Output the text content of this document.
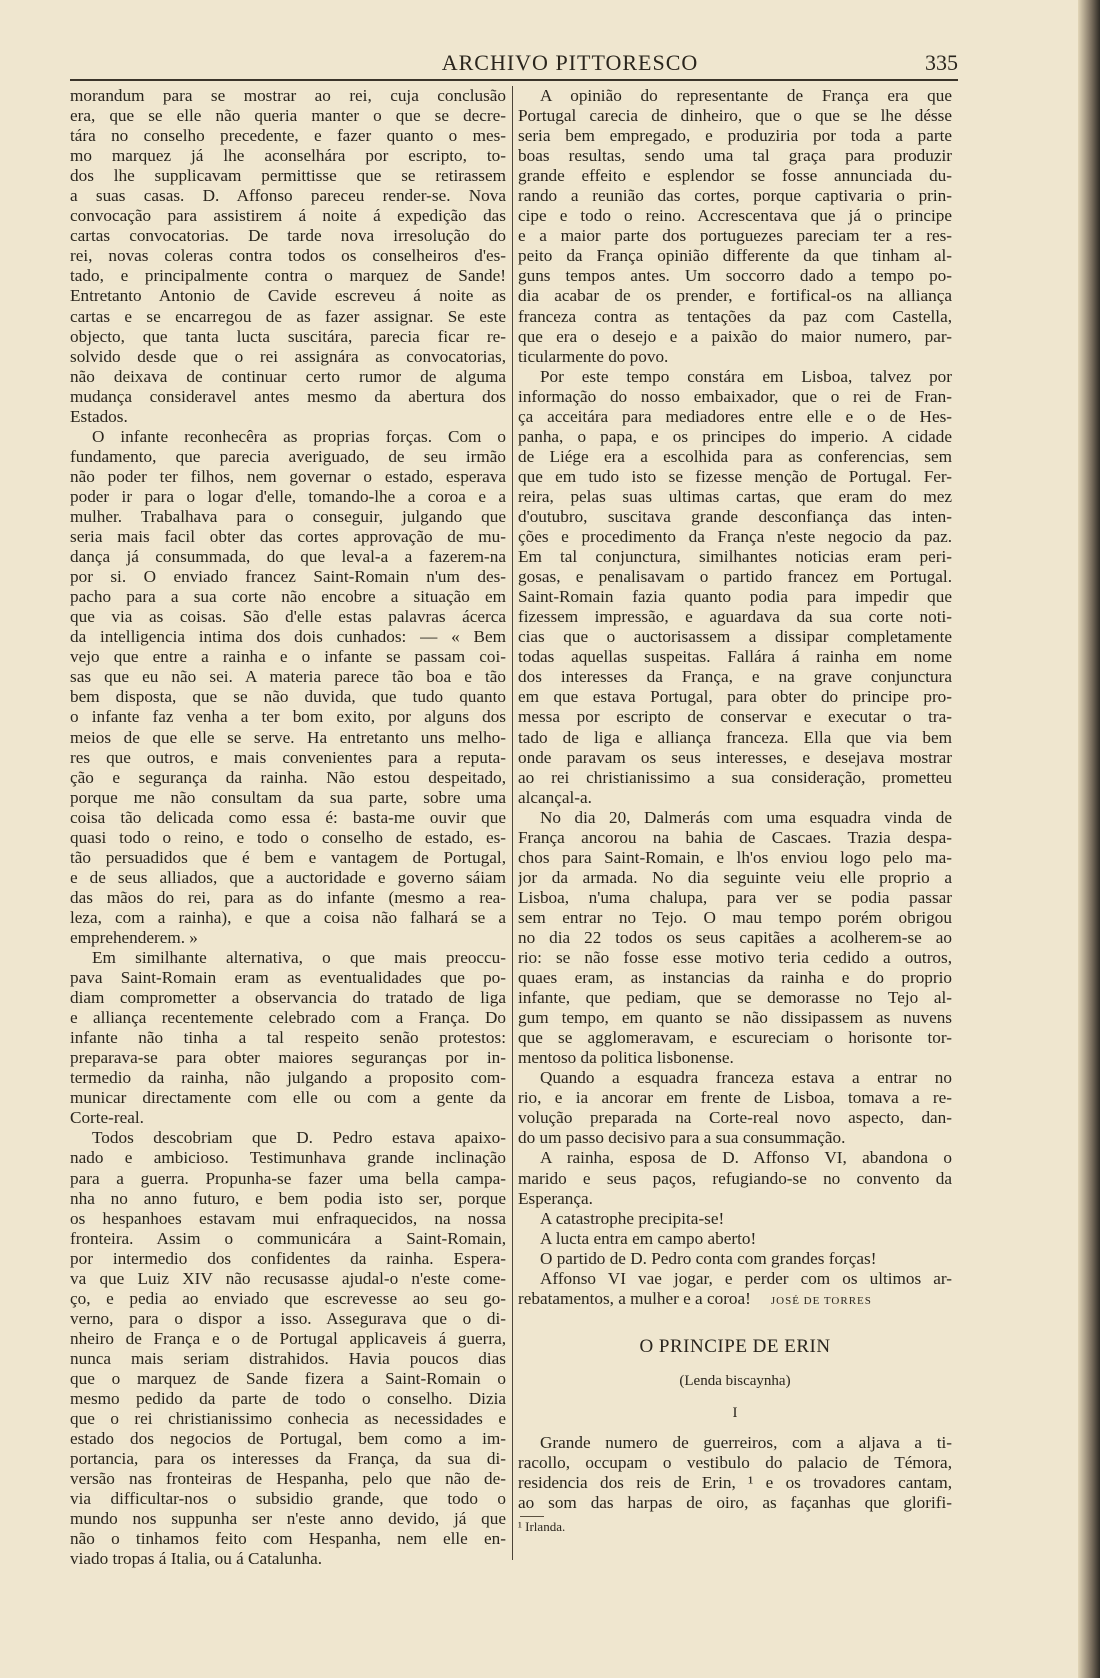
ARCHIVO PITTORESCO	335

morandum para se mostrar ao rei, cuja conclusão
era, que se elle não queria manter o que se decre-
tára no conselho precedente, e fazer quanto o mes-
mo marquez já lhe aconselhára por escripto, to-
dos lhe supplicavam permittisse que se retirassem
a suas casas. D. Affonso pareceu render-se. Nova
convocação para assistirem á noite á expedição das
cartas convocatorias. De tarde nova irresolução do
rei, novas coleras contra todos os conselheiros d'es-
tado, e principalmente contra o marquez de Sande!
Entretanto Antonio de Cavide escreveu á noite as
cartas e se encarregou de as fazer assignar. Se este
objecto, que tanta lucta suscitára, parecia ficar re-
solvido desde que o rei assignára as convocatorias,
não deixava de continuar certo rumor de alguma
mudança consideravel antes mesmo da abertura dos
Estados.

O infante reconhecêra as proprias forças. Com o
fundamento, que parecia averiguado, de seu irmão
não poder ter filhos, nem governar o estado, esperava
poder ir para o logar d'elle, tomando-lhe a coroa e a
mulher. Trabalhava para o conseguir, julgando que
seria mais facil obter das cortes approvação de mu-
dança já consummada, do que leval-a a fazerem-na
por si. O enviado francez Saint-Romain n'um des-
pacho para a sua corte não encobre a situação em
que via as coisas. São d'elle estas palavras ácerca
da intelligencia intima dos dois cunhados: — « Bem
vejo que entre a rainha e o infante se passam coi-
sas que eu não sei. A materia parece tão boa e tão
bem disposta, que se não duvida, que tudo quanto
o infante faz venha a ter bom exito, por alguns dos
meios de que elle se serve. Ha entretanto uns melho-
res que outros, e mais convenientes para a reputa-
ção e segurança da rainha. Não estou despeitado,
porque me não consultam da sua parte, sobre uma
coisa tão delicada como essa é: basta-me ouvir que
quasi todo o reino, e todo o conselho de estado, es-
tão persuadidos que é bem e vantagem de Portugal,
e de seus alliados, que a auctoridade e governo sáiam
das mãos do rei, para as do infante (mesmo a rea-
leza, com a rainha), e que a coisa não falhará se a
emprehenderem. »

Em similhante alternativa, o que mais preoccu-
pava Saint-Romain eram as eventualidades que po-
diam comprometter a observancia do tratado de liga
e alliança recentemente celebrado com a França. Do
infante não tinha a tal respeito senão protestos:
preparava-se para obter maiores seguranças por in-
termedio da rainha, não julgando a proposito com-
municar directamente com elle ou com a gente da
Corte-real.

Todos descobriam que D. Pedro estava apaixo-
nado e ambicioso. Testimunhava grande inclinação
para a guerra. Propunha-se fazer uma bella campa-
nha no anno futuro, e bem podia isto ser, porque
os hespanhoes estavam mui enfraquecidos, na nossa
fronteira. Assim o communicára a Saint-Romain,
por intermedio dos confidentes da rainha. Espera-
va que Luiz XIV não recusasse ajudal-o n'este come-
ço, e pedia ao enviado que escrevesse ao seu go-
verno, para o dispor a isso. Assegurava que o di-
nheiro de França e o de Portugal applicaveis á guerra,
nunca mais seriam distrahidos. Havia poucos dias
que o marquez de Sande fizera a Saint-Romain o
mesmo pedido da parte de todo o conselho. Dizia
que o rei christianissimo conhecia as necessidades e
estado dos negocios de Portugal, bem como a im-
portancia, para os interesses da França, da sua di-
versão nas fronteiras de Hespanha, pelo que não de-
via difficultar-nos o subsidio grande, que todo o
mundo nos suppunha ser n'este anno devido, já que
não o tinhamos feito com Hespanha, nem elle en-
viado tropas á Italia, ou á Catalunha.

A opinião do representante de França era que
Portugal carecia de dinheiro, que o que se lhe désse
seria bem empregado, e produziria por toda a parte
boas resultas, sendo uma tal graça para produzir
grande effeito e esplendor se fosse annunciada du-
rando a reunião das cortes, porque captivaria o prin-
cipe e todo o reino. Accrescentava que já o principe
e a maior parte dos portuguezes pareciam ter a res-
peito da França opinião differente da que tinham al-
guns tempos antes. Um soccorro dado a tempo po-
dia acabar de os prender, e fortifical-os na alliança
franceza contra as tentações da paz com Castella,
que era o desejo e a paixão do maior numero, par-
ticularmente do povo.

Por este tempo constára em Lisboa, talvez por
informação do nosso embaixador, que o rei de Fran-
ça acceitára para mediadores entre elle e o de Hes-
panha, o papa, e os principes do imperio. A cidade
de Liége era a escolhida para as conferencias, sem
que em tudo isto se fizesse menção de Portugal. Fer-
reira, pelas suas ultimas cartas, que eram do mez
d'outubro, suscitava grande desconfiança das inten-
ções e procedimento da França n'este negocio da paz.
Em tal conjunctura, similhantes noticias eram peri-
gosas, e penalisavam o partido francez em Portugal.
Saint-Romain fazia quanto podia para impedir que
fizessem impressão, e aguardava da sua corte noti-
cias que o auctorisassem a dissipar completamente
todas aquellas suspeitas. Fallára á rainha em nome
dos interesses da França, e na grave conjunctura
em que estava Portugal, para obter do principe pro-
messa por escripto de conservar e executar o tra-
tado de liga e alliança franceza. Ella que via bem
onde paravam os seus interesses, e desejava mostrar
ao rei christianissimo a sua consideração, prometteu
alcançal-a.

No dia 20, Dalmerás com uma esquadra vinda de
França ancorou na bahia de Cascaes. Trazia despa-
chos para Saint-Romain, e lh'os enviou logo pelo ma-
jor da armada. No dia seguinte veiu elle proprio a
Lisboa, n'uma chalupa, para ver se podia passar
sem entrar no Tejo. O mau tempo porém obrigou
no dia 22 todos os seus capitães a acolherem-se ao
rio: se não fosse esse motivo teria cedido a outros,
quaes eram, as instancias da rainha e do proprio
infante, que pediam, que se demorasse no Tejo al-
gum tempo, em quanto se não dissipassem as nuvens
que se agglomeravam, e escureciam o horisonte tor-
mentoso da politica lisbonense.

Quando a esquadra franceza estava a entrar no
rio, e ia ancorar em frente de Lisboa, tomava a re-
volução preparada na Corte-real novo aspecto, dan-
do um passo decisivo para a sua consummação.

A rainha, esposa de D. Affonso VI, abandona o
marido e seus paços, refugiando-se no convento da
Esperança.

A catastrophe precipita-se!

A lucta entra em campo aberto!

O partido de D. Pedro conta com grandes forças!

Affonso VI vae jogar, e perder com os ultimos ar-
rebatamentos, a mulher e a coroa! JOSÉ DE TORRES

O PRINCIPE DE ERIN
(Lenda biscaynha)
I

Grande numero de guerreiros, com a aljava a ti-
racollo, occupam o vestibulo do palacio de Témora,
residencia dos reis de Erin, ¹ e os trovadores cantam,
ao som das harpas de oiro, as façanhas que glorifi-

¹ Irlanda.
